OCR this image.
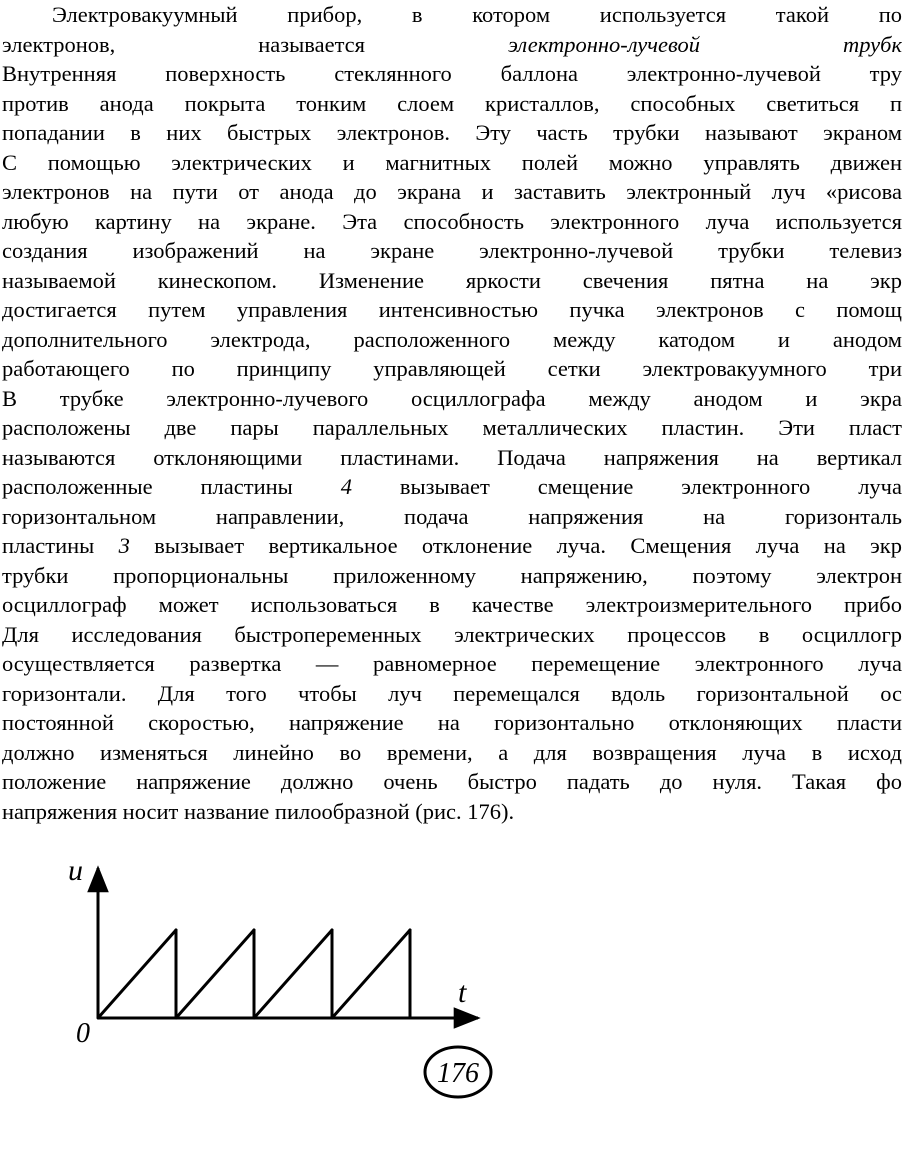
Электровакуумный прибор, в котором используется такой по
электронов, называется электронно-лучевой трубк
Внутренняя поверхность стеклянного баллона электронно-лучевой тру
против анода покрыта тонким слоем кристаллов, способных светиться п
попадании в них быстрых электронов. Эту часть трубки называют экраном
С помощью электрических и магнитных полей можно управлять движен
электронов на пути от анода до экрана и заставить электронный луч «рисова
любую картину на экране. Эта способность электронного луча используется
создания изображений на экране электронно-лучевой трубки телевиз
называемой кинескопом. Изменение яркости свечения пятна на экр
достигается путем управления интенсивностью пучка электронов с помощ
дополнительного электрода, расположенного между катодом и анодом
работающего по принципу управляющей сетки электровакуумного три
В трубке электронно-лучевого осциллографа между анодом и экра
расположены две пары параллельных металлических пластин. Эти пласт
называются отклоняющими пластинами. Подача напряжения на вертикал
расположенные пластины 4 вызывает смещение электронного луча
горизонтальном направлении, подача напряжения на горизонталь
пластины 3 вызывает вертикальное отклонение луча. Смещения луча на экр
трубки пропорциональны приложенному напряжению, поэтому электрон
осциллограф может использоваться в качестве электроизмерительного прибо
Для исследования быстропеременных электрических процессов в осциллогр
осуществляется развертка — равномерное перемещение электронного луча
горизонтали. Для того чтобы луч перемещался вдоль горизонтальной ос
постоянной скоростью, напряжение на горизонтально отклоняющих пласти
должно изменяться линейно во времени, а для возвращения луча в исход
положение напряжение должно очень быстро падать до нуля. Такая фо
напряжения носит название пилообразной (рис. 176).
u
t
0
176
